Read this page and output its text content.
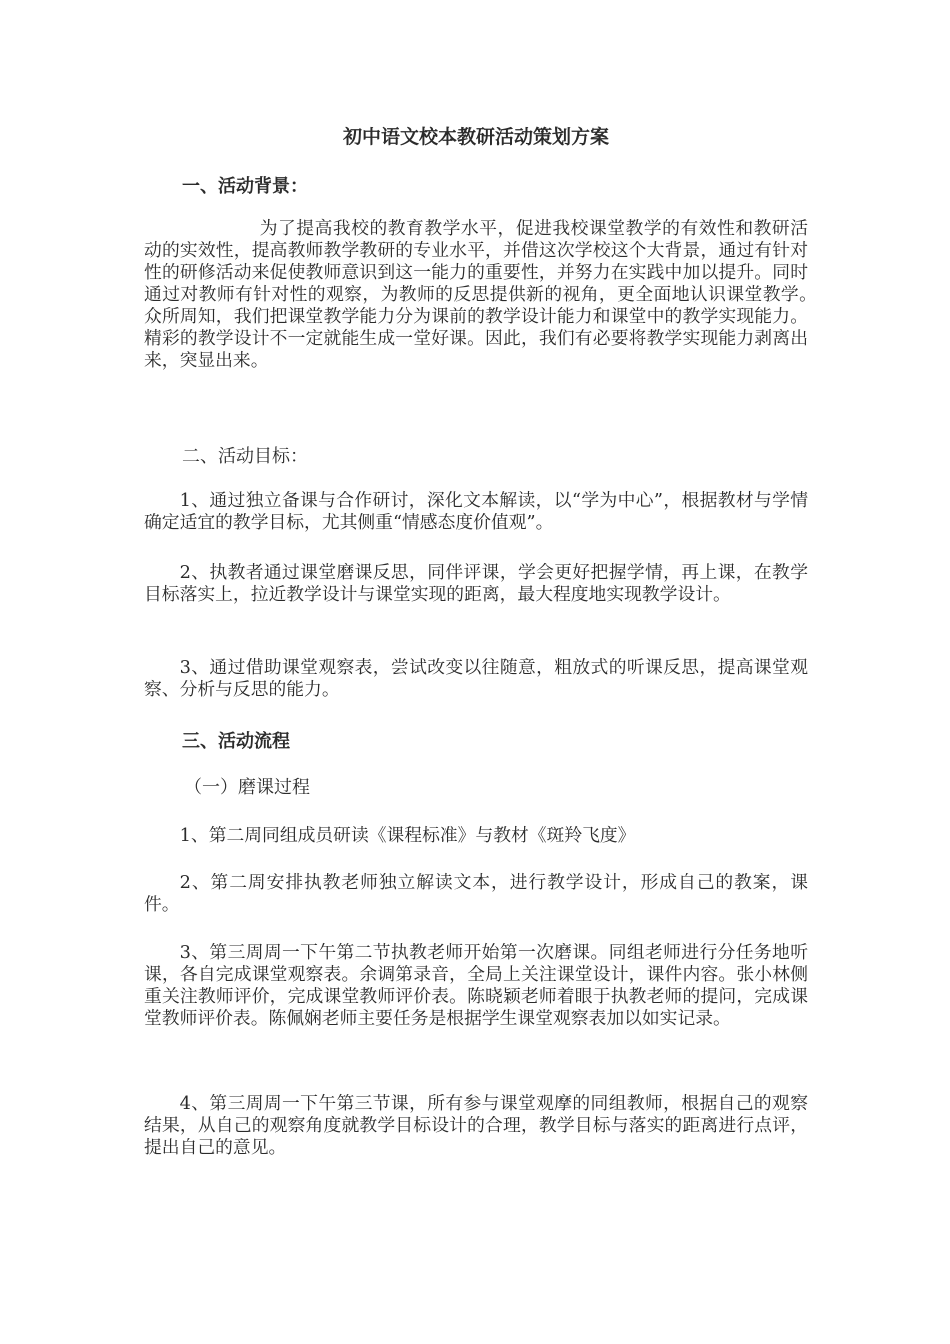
初中语文校本教研活动策划方案
一、活动背景：

为了提高我校的教育教学水平，促进我校课堂教学的有效性和教研活动的实效性，提高教师教学教研的专业水平，并借这次学校这个大背景，通过有针对性的研修活动来促使教师意识到这一能力的重要性，并努力在实践中加以提升。同时通过对教师有针对性的观察，为教师的反思提供新的视角，更全面地认识课堂教学。　众所周知，我们把课堂教学能力分为课前的教学设计能力和课堂中的教学实现能力。精彩的教学设计不一定就能生成一堂好课。因此，我们有必要将教学实现能力剥离出来，突显出来。

二、活动目标：

1、通过独立备课与合作研讨，深化文本解读，以“学为中心”，根据教材与学情确定适宜的教学目标，尤其侧重“情感态度价值观”。

2、执教者通过课堂磨课反思，同伴评课，学会更好把握学情，再上课，在教学目标落实上，拉近教学设计与课堂实现的距离，最大程度地实现教学设计。

3、通过借助课堂观察表，尝试改变以往随意，粗放式的听课反思，提高课堂观察、分析与反思的能力。

三、活动流程

（一）磨课过程

1、第二周同组成员研读《课程标准》与教材《斑羚飞度》

2、第二周安排执教老师独立解读文本，进行教学设计，形成自己的教案，课件。

3、第三周周一下午第二节执教老师开始第一次磨课。同组老师进行分任务地听课，各自完成课堂观察表。余调第录音，全局上关注课堂设计，课件内容。张小林侧重关注教师评价，完成课堂教师评价表。陈晓颖老师着眼于执教老师的提问，完成课堂教师评价表。陈佩娴老师主要任务是根据学生课堂观察表加以如实记录。

4、第三周周一下午第三节课，所有参与课堂观摩的同组教师，根据自己的观察结果，从自己的观察角度就教学目标设计的合理，教学目标与落实的距离进行点评，提出自己的意见。
